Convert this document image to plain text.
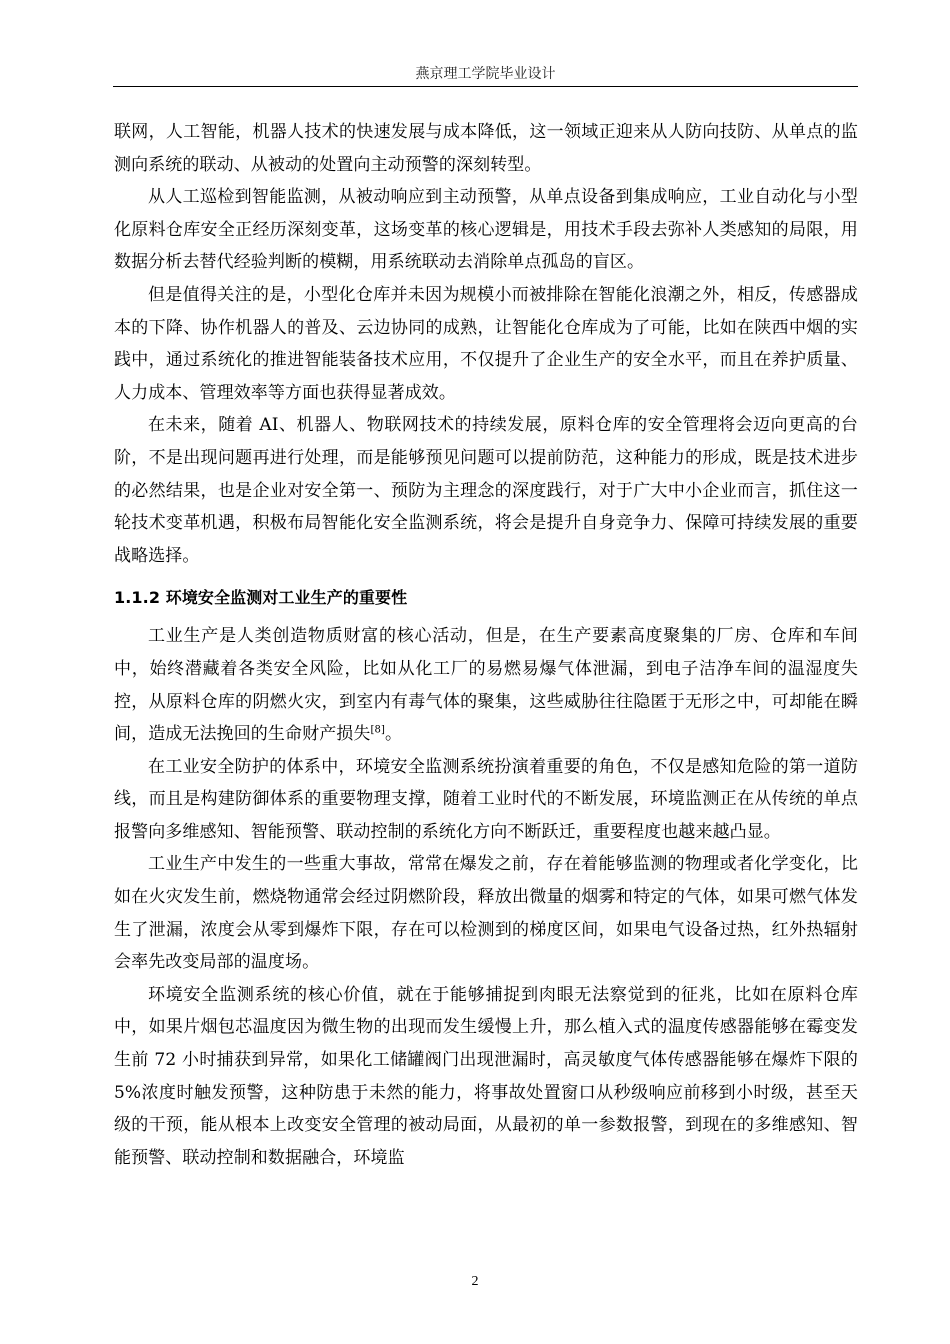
燕京理工学院毕业设计

联网，人工智能，机器人技术的快速发展与成本降低，这一领域正迎来从人防向技防、从单点的监测向系统的联动、从被动的处置向主动预警的深刻转型。

从人工巡检到智能监测，从被动响应到主动预警，从单点设备到集成响应，工业自动化与小型化原料仓库安全正经历深刻变革，这场变革的核心逻辑是，用技术手段去弥补人类感知的局限，用数据分析去替代经验判断的模糊，用系统联动去消除单点孤岛的盲区。

但是值得关注的是，小型化仓库并未因为规模小而被排除在智能化浪潮之外，相反，传感器成本的下降、协作机器人的普及、云边协同的成熟，让智能化仓库成为了可能，比如在陕西中烟的实践中，通过系统化的推进智能装备技术应用，不仅提升了企业生产的安全水平，而且在养护质量、人力成本、管理效率等方面也获得显著成效。

在未来，随着 AI、机器人、物联网技术的持续发展，原料仓库的安全管理将会迈向更高的台阶，不是出现问题再进行处理，而是能够预见问题可以提前防范，这种能力的形成，既是技术进步的必然结果，也是企业对安全第一、预防为主理念的深度践行，对于广大中小企业而言，抓住这一轮技术变革机遇，积极布局智能化安全监测系统，将会是提升自身竞争力、保障可持续发展的重要战略选择。

1.1.2 环境安全监测对工业生产的重要性

工业生产是人类创造物质财富的核心活动，但是，在生产要素高度聚集的厂房、仓库和车间中，始终潜藏着各类安全风险，比如从化工厂的易燃易爆气体泄漏，到电子洁净车间的温湿度失控，从原料仓库的阴燃火灾，到室内有毒气体的聚集，这些威胁往往隐匿于无形之中，可却能在瞬间，造成无法挽回的生命财产损失[8]。

在工业安全防护的体系中，环境安全监测系统扮演着重要的角色，不仅是感知危险的第一道防线，而且是构建防御体系的重要物理支撑，随着工业时代的不断发展，环境监测正在从传统的单点报警向多维感知、智能预警、联动控制的系统化方向不断跃迁，重要程度也越来越凸显。

工业生产中发生的一些重大事故，常常在爆发之前，存在着能够监测的物理或者化学变化，比如在火灾发生前，燃烧物通常会经过阴燃阶段，释放出微量的烟雾和特定的气体，如果可燃气体发生了泄漏，浓度会从零到爆炸下限，存在可以检测到的梯度区间，如果电气设备过热，红外热辐射会率先改变局部的温度场。

环境安全监测系统的核心价值，就在于能够捕捉到肉眼无法察觉到的征兆，比如在原料仓库中，如果片烟包芯温度因为微生物的出现而发生缓慢上升，那么植入式的温度传感器能够在霉变发生前 72 小时捕获到异常，如果化工储罐阀门出现泄漏时，高灵敏度气体传感器能够在爆炸下限的 5%浓度时触发预警，这种防患于未然的能力，将事故处置窗口从秒级响应前移到小时级，甚至天级的干预，能从根本上改变安全管理的被动局面，从最初的单一参数报警，到现在的多维感知、智能预警、联动控制和数据融合，环境监

2
